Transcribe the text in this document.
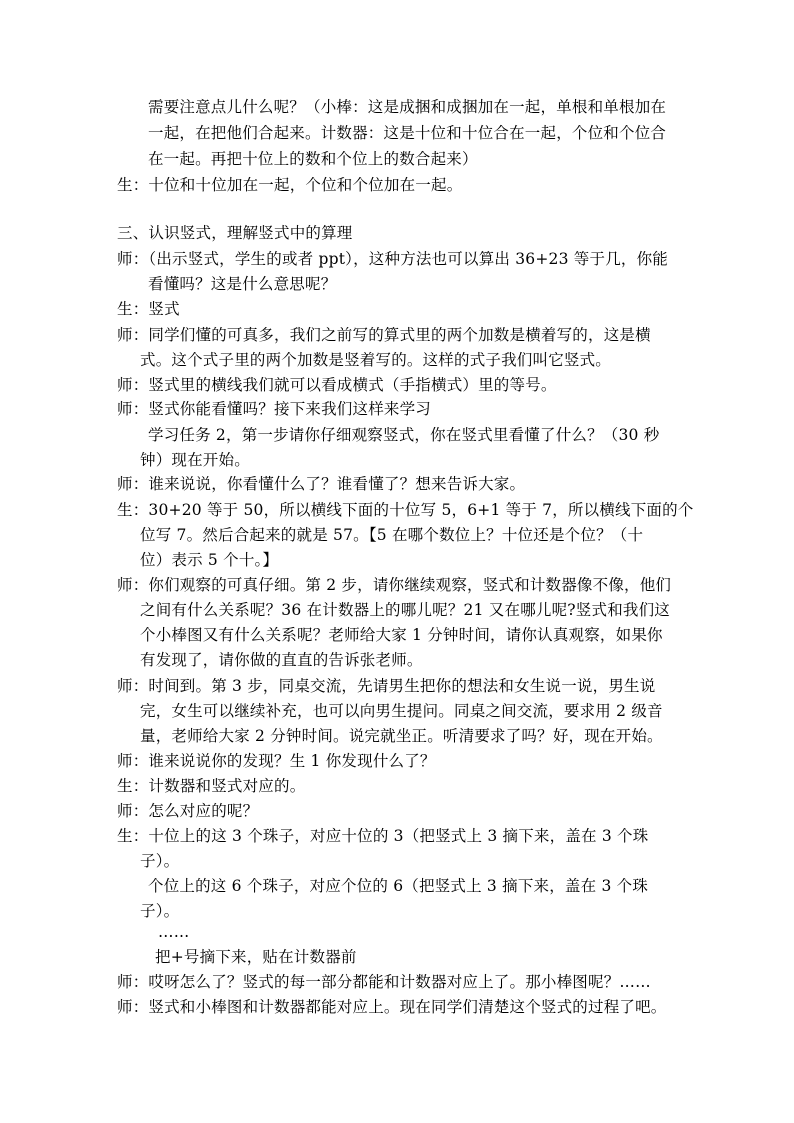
需要注意点儿什么呢？（小棒：这是成捆和成捆加在一起，单根和单根加在
一起，在把他们合起来。计数器：这是十位和十位合在一起，个位和个位合
在一起。再把十位上的数和个位上的数合起来）
生：十位和十位加在一起，个位和个位加在一起。
三、认识竖式，理解竖式中的算理
师：（出示竖式，学生的或者 ppt），这种方法也可以算出 36+23 等于几，你能
看懂吗？这是什么意思呢？
生：竖式
师：同学们懂的可真多，我们之前写的算式里的两个加数是横着写的，这是横
式。这个式子里的两个加数是竖着写的。这样的式子我们叫它竖式。
师：竖式里的横线我们就可以看成横式（手指横式）里的等号。
师：竖式你能看懂吗？接下来我们这样来学习
学习任务 2，第一步请你仔细观察竖式，你在竖式里看懂了什么？（30 秒
钟）现在开始。
师：谁来说说，你看懂什么了？谁看懂了？想来告诉大家。
生：30+20 等于 50，所以横线下面的十位写 5，6+1 等于 7，所以横线下面的个
位写 7。然后合起来的就是 57。【5 在哪个数位上？十位还是个位？（十
位）表示 5 个十。】
师：你们观察的可真仔细。第 2 步，请你继续观察，竖式和计数器像不像，他们
之间有什么关系呢？36 在计数器上的哪儿呢？21 又在哪儿呢?竖式和我们这
个小棒图又有什么关系呢？老师给大家 1 分钟时间，请你认真观察，如果你
有发现了，请你做的直直的告诉张老师。
师：时间到。第 3 步，同桌交流，先请男生把你的想法和女生说一说，男生说
完，女生可以继续补充，也可以向男生提问。同桌之间交流，要求用 2 级音
量，老师给大家 2 分钟时间。说完就坐正。听清要求了吗？好，现在开始。
师：谁来说说你的发现？生 1 你发现什么了？
生：计数器和竖式对应的。
师：怎么对应的呢？
生：十位上的这 3 个珠子，对应十位的 3（把竖式上 3 摘下来，盖在 3 个珠
子）。
个位上的这 6 个珠子，对应个位的 6（把竖式上 3 摘下来，盖在 3 个珠
子）。
……
把+号摘下来，贴在计数器前
师：哎呀怎么了？竖式的每一部分都能和计数器对应上了。那小棒图呢？……
师：竖式和小棒图和计数器都能对应上。现在同学们清楚这个竖式的过程了吧。
